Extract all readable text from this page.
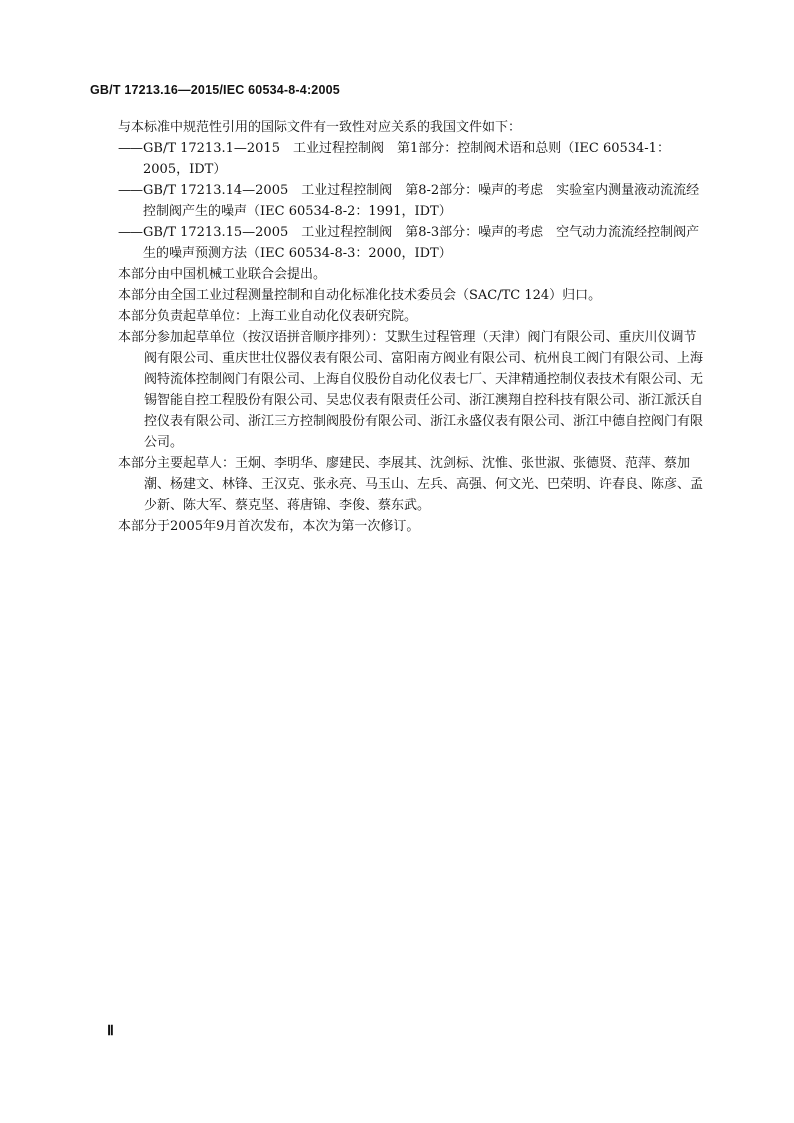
GB/T 17213.16—2015/IEC 60534-8-4:2005

与本标准中规范性引用的国际文件有一致性对应关系的我国文件如下：

—— GB/T 17213.1—2015　工业过程控制阀　第1部分：控制阀术语和总则（IEC 60534-1：2005，IDT）
—— GB/T 17213.14—2005　工业过程控制阀　第8-2部分：噪声的考虑　实验室内测量液动流流经控制阀产生的噪声（IEC 60534-8-2：1991，IDT）
—— GB/T 17213.15—2005　工业过程控制阀　第8-3部分：噪声的考虑　空气动力流流经控制阀产生的噪声预测方法（IEC 60534-8-3：2000，IDT）

本部分由中国机械工业联合会提出。

本部分由全国工业过程测量控制和自动化标准化技术委员会（SAC/TC 124）归口。

本部分负责起草单位：上海工业自动化仪表研究院。

本部分参加起草单位（按汉语拼音顺序排列）：艾默生过程管理（天津）阀门有限公司、重庆川仪调节阀有限公司、重庆世壮仪器仪表有限公司、富阳南方阀业有限公司、杭州良工阀门有限公司、上海阀特流体控制阀门有限公司、上海自仪股份自动化仪表七厂、天津精通控制仪表技术有限公司、无锡智能自控工程股份有限公司、吴忠仪表有限责任公司、浙江澳翔自控科技有限公司、浙江派沃自控仪表有限公司、浙江三方控制阀股份有限公司、浙江永盛仪表有限公司、浙江中德自控阀门有限公司。

本部分主要起草人：王炯、李明华、廖建民、李展其、沈剑标、沈惟、张世淑、张德贤、范萍、蔡加潮、杨建文、林锋、王汉克、张永亮、马玉山、左兵、高强、何文光、巴荣明、许春良、陈彦、孟少新、陈大军、蔡克坚、蒋唐锦、李俊、蔡东武。

本部分于2005年9月首次发布，本次为第一次修订。

Ⅱ
